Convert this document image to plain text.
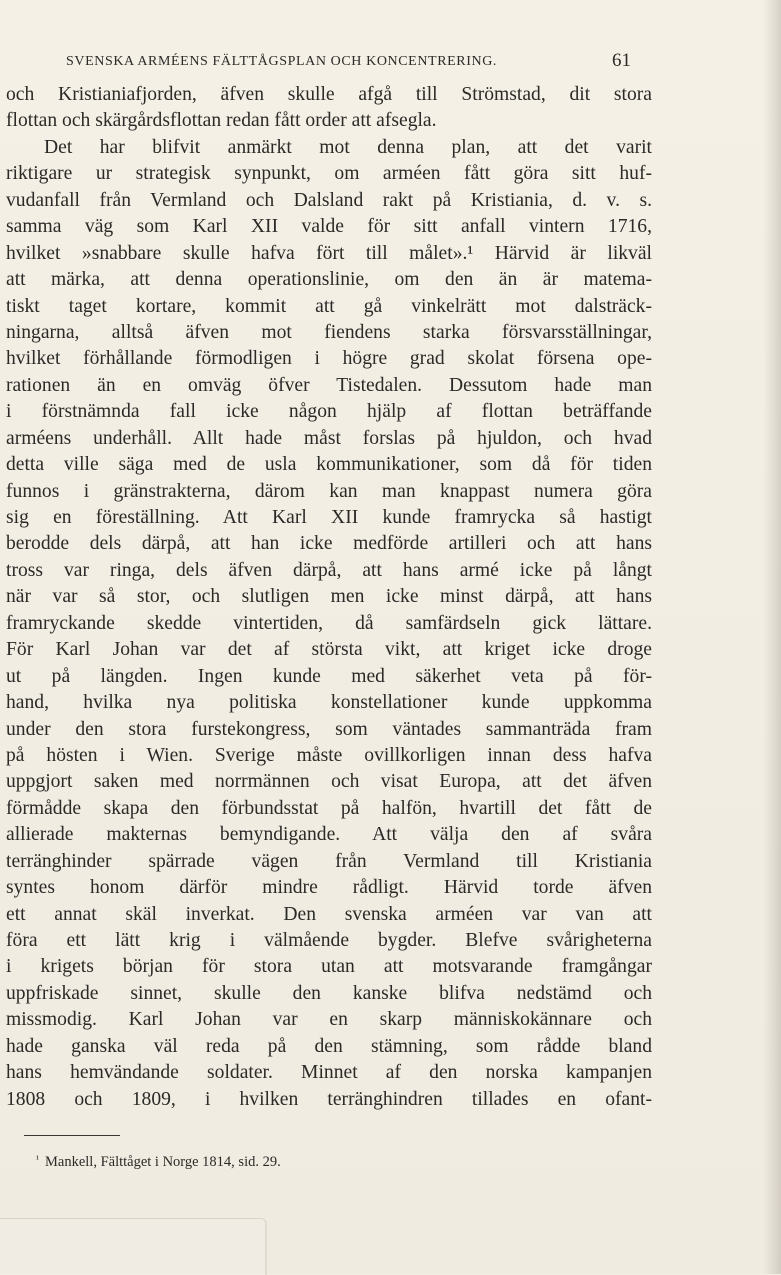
SVENSKA ARMÉENS FÄLTTÅGSPLAN OCH KONCENTRERING.	61
och Kristianiafjorden, äfven skulle afgå till Strömstad, dit stora
flottan och skärgårdsflottan redan fått order att afsegla.
Det har blifvit anmärkt mot denna plan, att det varit
riktigare ur strategisk synpunkt, om arméen fått göra sitt huf-
vudanfall från Vermland och Dalsland rakt på Kristiania, d. v. s.
samma väg som Karl XII valde för sitt anfall vintern 1716,
hvilket »snabbare skulle hafva fört till målet».¹ Härvid är likväl
att märka, att denna operationslinie, om den än är matema-
tiskt taget kortare, kommit att gå vinkelrätt mot dalsträck-
ningarna, alltså äfven mot fiendens starka försvarsställningar,
hvilket förhållande förmodligen i högre grad skolat försena ope-
rationen än en omväg öfver Tistedalen. Dessutom hade man
i förstnämnda fall icke någon hjälp af flottan beträffande
arméens underhåll. Allt hade måst forslas på hjuldon, och hvad
detta ville säga med de usla kommunikationer, som då för tiden
funnos i gränstrakterna, därom kan man knappast numera göra
sig en föreställning. Att Karl XII kunde framrycka så hastigt
berodde dels därpå, att han icke medförde artilleri och att hans
tross var ringa, dels äfven därpå, att hans armé icke på långt
när var så stor, och slutligen men icke minst därpå, att hans
framryckande skedde vintertiden, då samfärdseln gick lättare.
För Karl Johan var det af största vikt, att kriget icke droge
ut på längden. Ingen kunde med säkerhet veta på för-
hand, hvilka nya politiska konstellationer kunde uppkomma
under den stora furstekongress, som väntades sammanträda fram
på hösten i Wien. Sverige måste ovillkorligen innan dess hafva
uppgjort saken med norrmännen och visat Europa, att det äfven
förmådde skapa den förbundsstat på halfön, hvartill det fått de
allierade makternas bemyndigande. Att välja den af svåra
terränghinder spärrade vägen från Vermland till Kristiania
syntes honom därför mindre rådligt. Härvid torde äfven
ett annat skäl inverkat. Den svenska arméen var van att
föra ett lätt krig i välmående bygder. Blefve svårigheterna
i krigets början för stora utan att motsvarande framgångar
uppfriskade sinnet, skulle den kanske blifva nedstämd och
missmodig. Karl Johan var en skarp människokännare och
hade ganska väl reda på den stämning, som rådde bland
hans hemvändande soldater. Minnet af den norska kampanjen
1808 och 1809, i hvilken terränghindren tillades en ofant-
$^{^1}$ Mankell, Fälttåget i Norge 1814, sid. 29.
